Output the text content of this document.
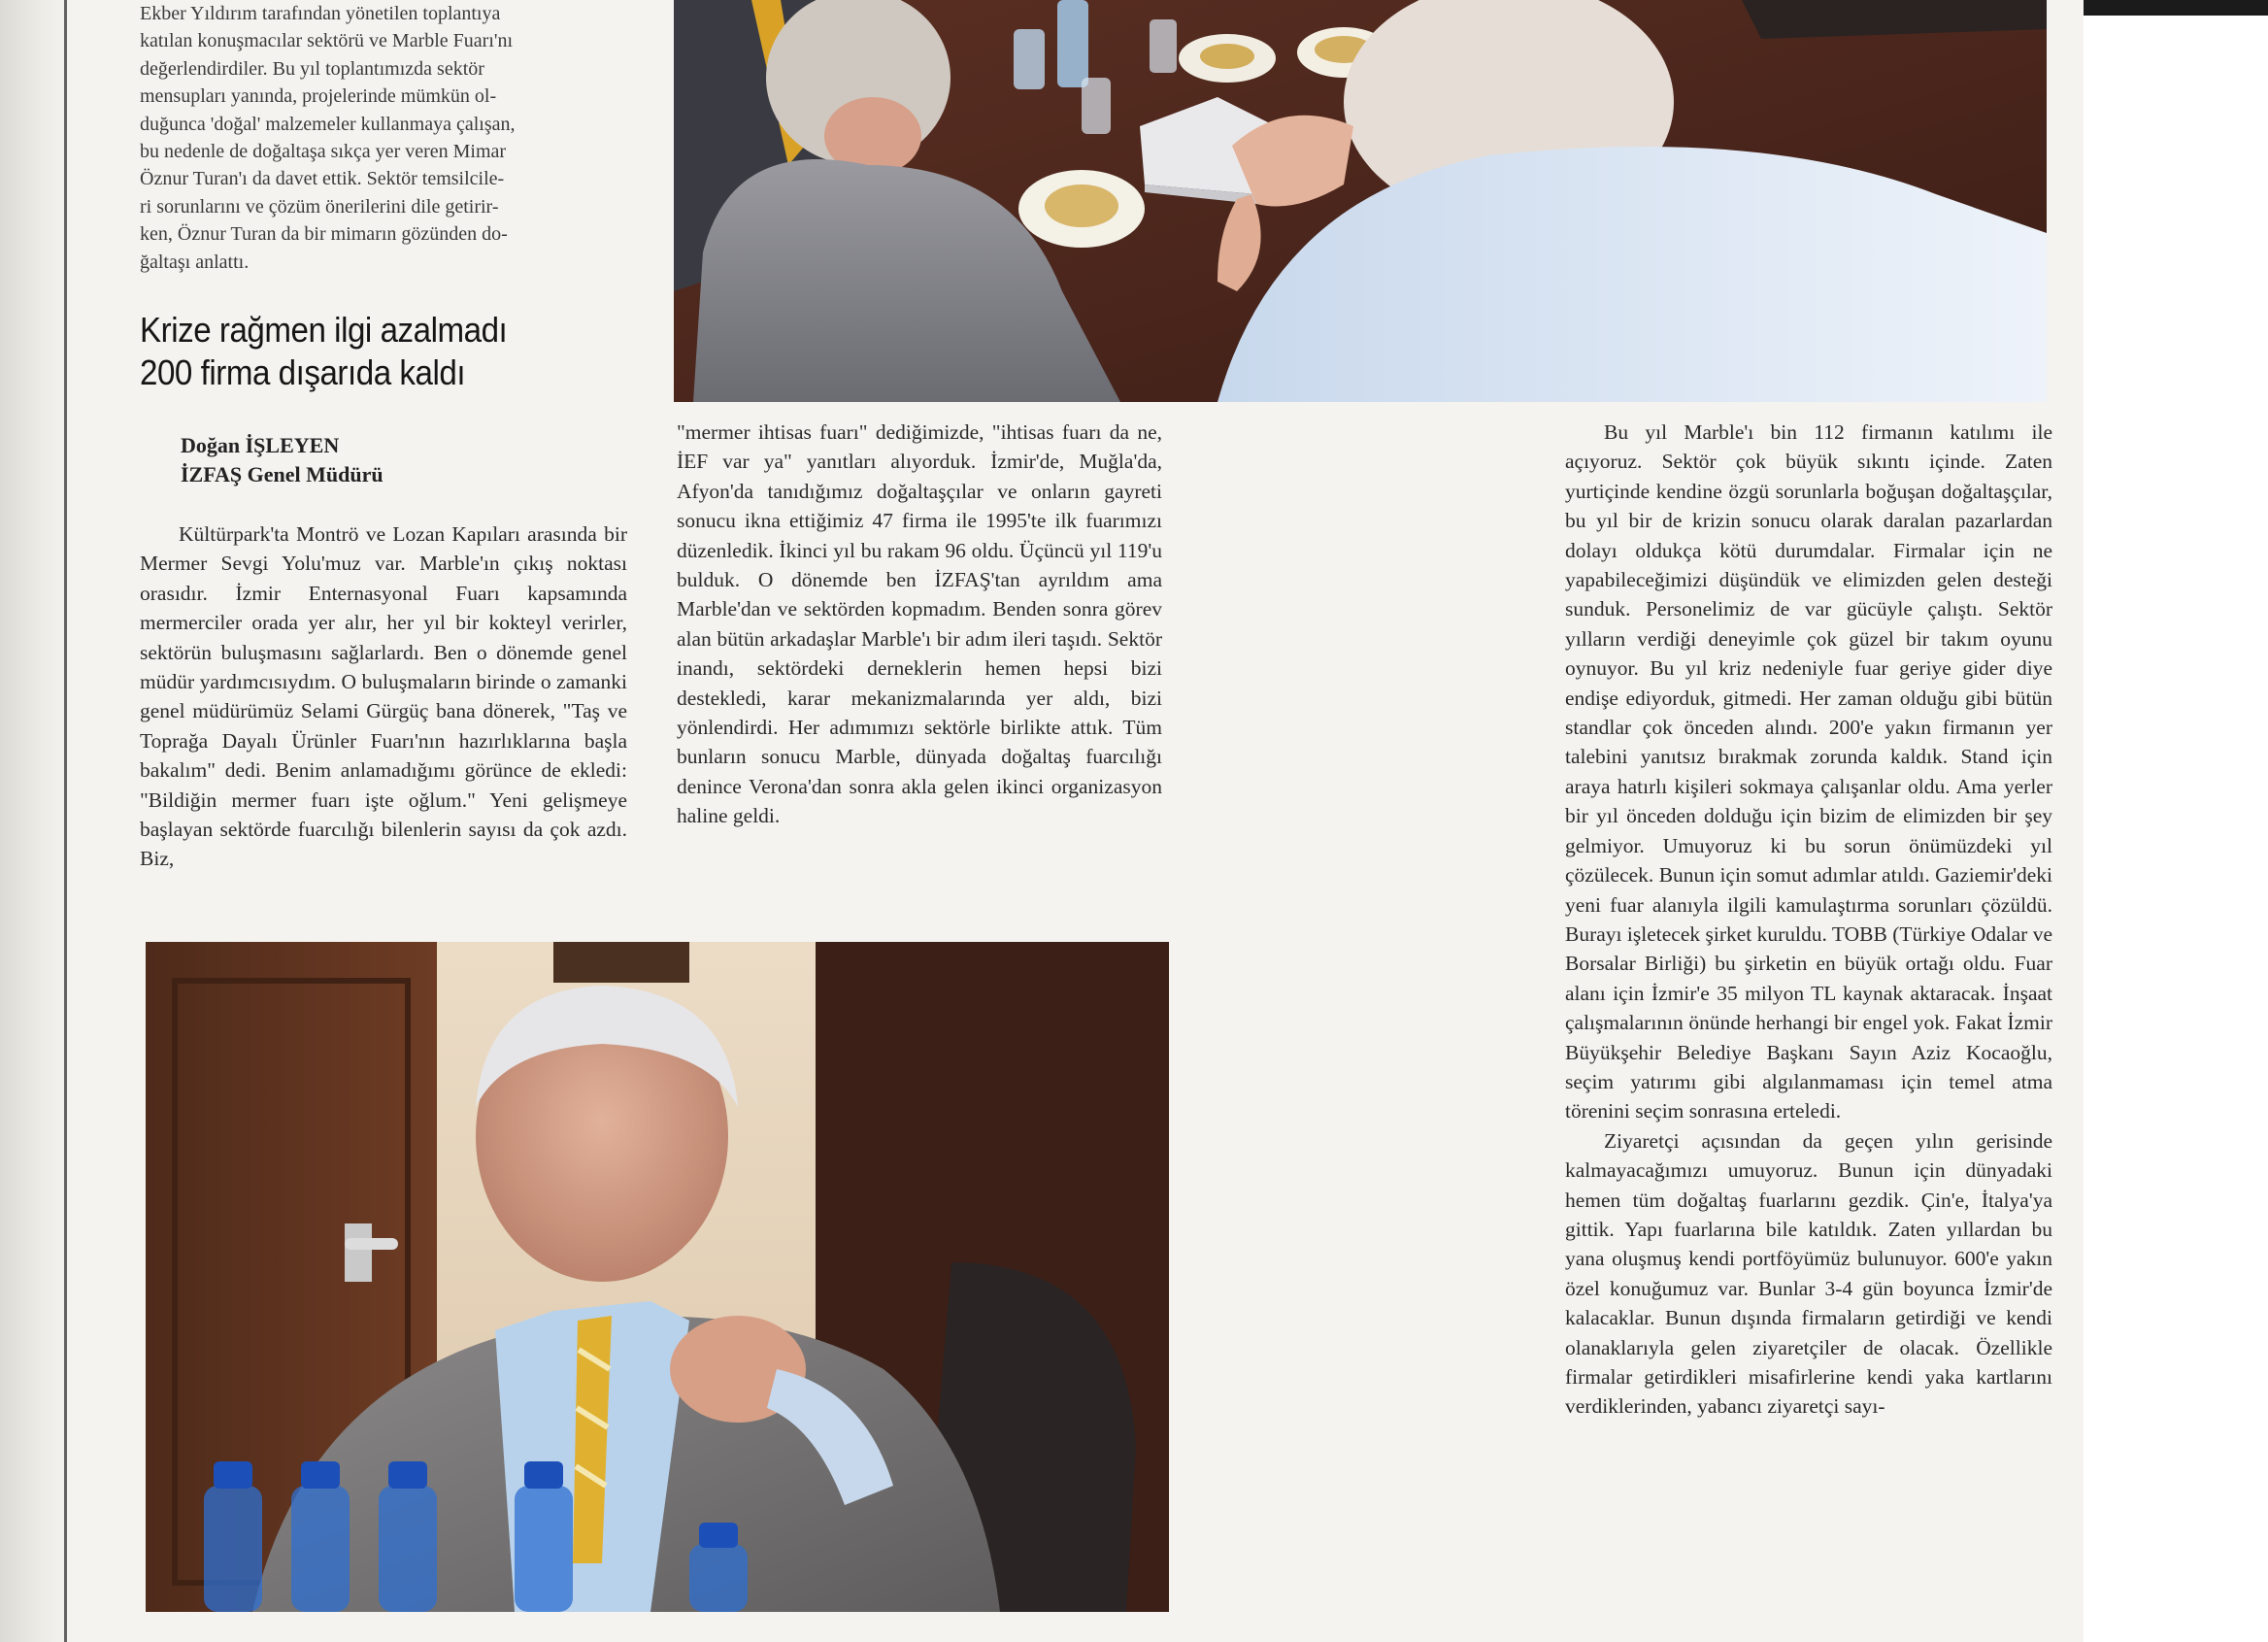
Ekber Yıldırım tarafından yönetilen toplantıya
katılan konuşmacılar sektörü ve Marble Fuarı'nı
değerlendirdiler. Bu yıl toplantımızda sektör
mensupları yanında, projelerinde mümkün ol-
duğunca 'doğal' malzemeler kullanmaya çalışan,
bu nedenle de doğaltaşa sıkça yer veren Mimar
Öznur Turan'ı da davet ettik. Sektör temsilcile-
ri sorunlarını ve çözüm önerilerini dile getirir-
ken, Öznur Turan da bir mimarın gözünden do-
ğaltaşı anlattı.
Krize rağmen ilgi azalmadı
200 firma dışarıda kaldı
Doğan İŞLEYEN
İZFAŞ Genel Müdürü

Kültürpark'ta Montrö ve Lozan Kapıları arasında bir Mermer Sevgi Yolu'muz var. Marble'ın çıkış noktası orasıdır. İzmir Enternasyonal Fuarı kapsamında mermerciler orada yer alır, her yıl bir kokteyl verirler, sektörün buluşmasını sağlarlardı. Ben o dönemde genel müdür yardımcısıydım. O buluşmaların birinde o zamanki genel müdürümüz Selami Gürgüç bana dönerek, "Taş ve Toprağa Dayalı Ürünler Fuarı'nın hazırlıklarına başla bakalım" dedi. Benim anlamadığımı görünce de ekledi: "Bildiğin mermer fuarı işte oğlum." Yeni gelişmeye başlayan sektörde fuarcılığı bilenlerin sayısı da çok azdı. Biz,

"mermer ihtisas fuarı" dediğimizde, "ihtisas fuarı da ne, İEF var ya" yanıtları alıyorduk. İzmir'de, Muğla'da, Afyon'da tanıdığımız doğaltaşçılar ve onların gayreti sonucu ikna ettiğimiz 47 firma ile 1995'te ilk fuarımızı düzenledik. İkinci yıl bu rakam 96 oldu. Üçüncü yıl 119'u bulduk. O dönemde ben İZFAŞ'tan ayrıldım ama Marble'dan ve sektörden kopmadım. Benden sonra görev alan bütün arkadaşlar Marble'ı bir adım ileri taşıdı. Sektör inandı, sektördeki derneklerin hemen hepsi bizi destekledi, karar mekanizmalarında yer aldı, bizi yönlendirdi. Her adımımızı sektörle birlikte attık. Tüm bunların sonucu Marble, dünyada doğaltaş fuarcılığı denince Verona'dan sonra akla gelen ikinci organizasyon haline geldi.

Bu yıl Marble'ı bin 112 firmanın katılımı ile açıyoruz. Sektör çok büyük sıkıntı içinde. Zaten yurtiçinde kendine özgü sorunlarla boğuşan doğaltaşçılar, bu yıl bir de krizin sonucu olarak daralan pazarlardan dolayı oldukça kötü durumdalar. Firmalar için ne yapabileceğimizi düşündük ve elimizden gelen desteği sunduk. Personelimiz de var gücüyle çalıştı. Sektör yılların verdiği deneyimle çok güzel bir takım oyunu oynuyor. Bu yıl kriz nedeniyle fuar geriye gider diye endişe ediyorduk, gitmedi. Her zaman olduğu gibi bütün standlar çok önceden alındı. 200'e yakın firmanın yer talebini yanıtsız bırakmak zorunda kaldık. Stand için araya hatırlı kişileri sokmaya çalışanlar oldu. Ama yerler bir yıl önceden dolduğu için bizim de elimizden bir şey gelmiyor. Umuyoruz ki bu sorun önümüzdeki yıl çözülecek. Bunun için somut adımlar atıldı. Gaziemir'deki yeni fuar alanıyla ilgili kamulaştırma sorunları çözüldü. Burayı işletecek şirket kuruldu. TOBB (Türkiye Odalar ve Borsalar Birliği) bu şirketin en büyük ortağı oldu. Fuar alanı için İzmir'e 35 milyon TL kaynak aktaracak. İnşaat çalışmalarının önünde herhangi bir engel yok. Fakat İzmir Büyükşehir Belediye Başkanı Sayın Aziz Kocaoğlu, seçim yatırımı gibi algılanmaması için temel atma törenini seçim sonrasına erteledi.

Ziyaretçi açısından da geçen yılın gerisinde kalmayacağımızı umuyoruz. Bunun için dünyadaki hemen tüm doğaltaş fuarlarını gezdik. Çin'e, İtalya'ya gittik. Yapı fuarlarına bile katıldık. Zaten yıllardan bu yana oluşmuş kendi portföyümüz bulunuyor. 600'e yakın özel konuğumuz var. Bunlar 3-4 gün boyunca İzmir'de kalacaklar. Bunun dışında firmaların getirdiği ve kendi olanaklarıyla gelen ziyaretçiler de olacak. Özellikle firmalar getirdikleri misafirlerine kendi yaka kartlarını verdiklerinden, yabancı ziyaretçi sayı-
